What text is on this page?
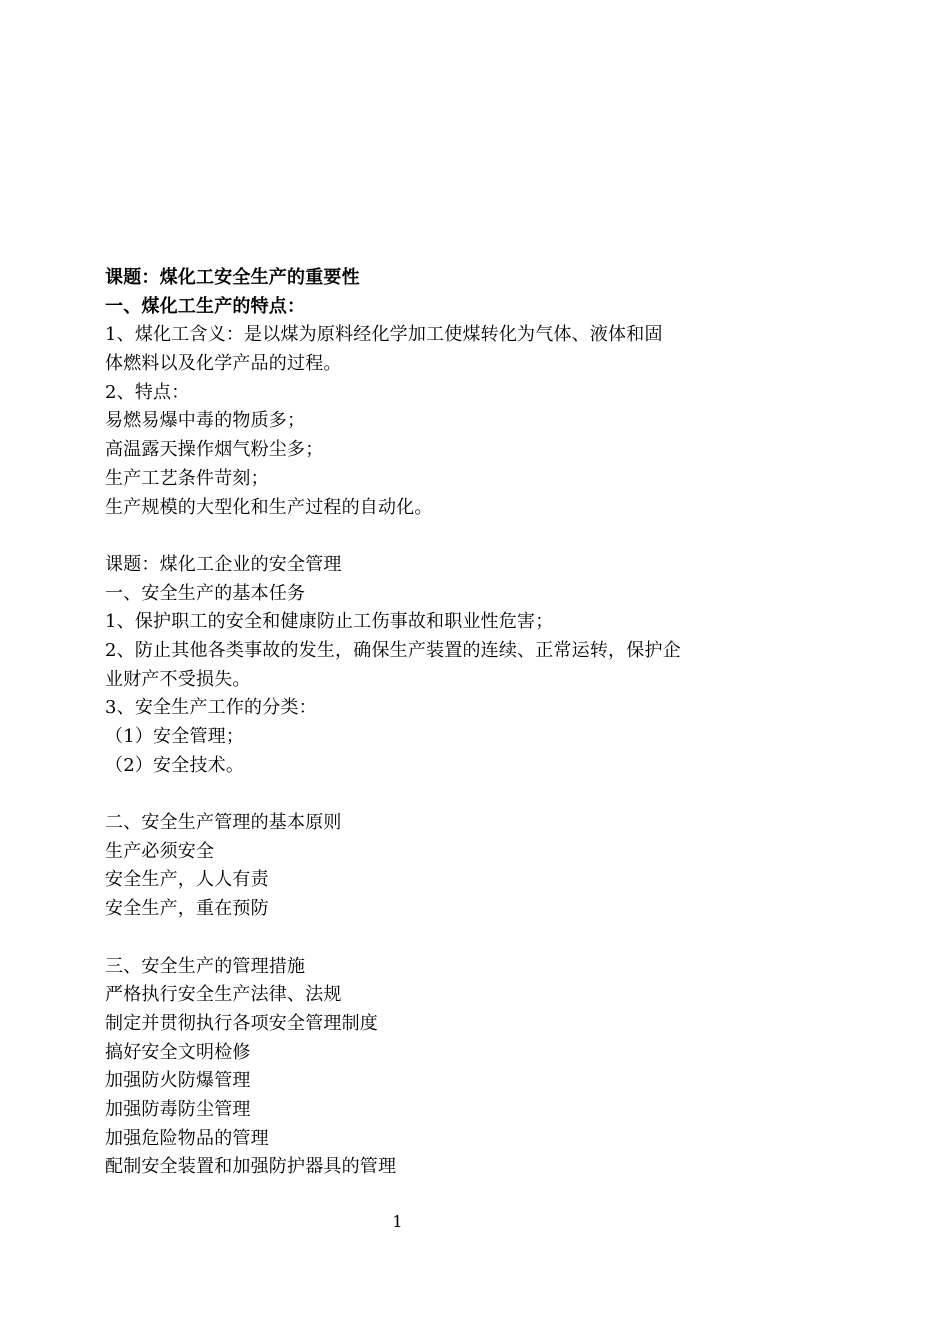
课题：煤化工安全生产的重要性
一、煤化工生产的特点：
1、煤化工含义：是以煤为原料经化学加工使煤转化为气体、液体和固
体燃料以及化学产品的过程。
2、特点：
易燃易爆中毒的物质多；
高温露天操作烟气粉尘多；
生产工艺条件苛刻；
生产规模的大型化和生产过程的自动化。
课题：煤化工企业的安全管理
一、安全生产的基本任务
1、保护职工的安全和健康防止工伤事故和职业性危害；
2、防止其他各类事故的发生，确保生产装置的连续、正常运转，保护企
业财产不受损失。
3、安全生产工作的分类：
（1）安全管理；
（2）安全技术。
二、安全生产管理的基本原则
生产必须安全
安全生产，人人有责
安全生产，重在预防
三、安全生产的管理措施
严格执行安全生产法律、法规
制定并贯彻执行各项安全管理制度
搞好安全文明检修
加强防火防爆管理
加强防毒防尘管理
加强危险物品的管理
配制安全装置和加强防护器具的管理
1
